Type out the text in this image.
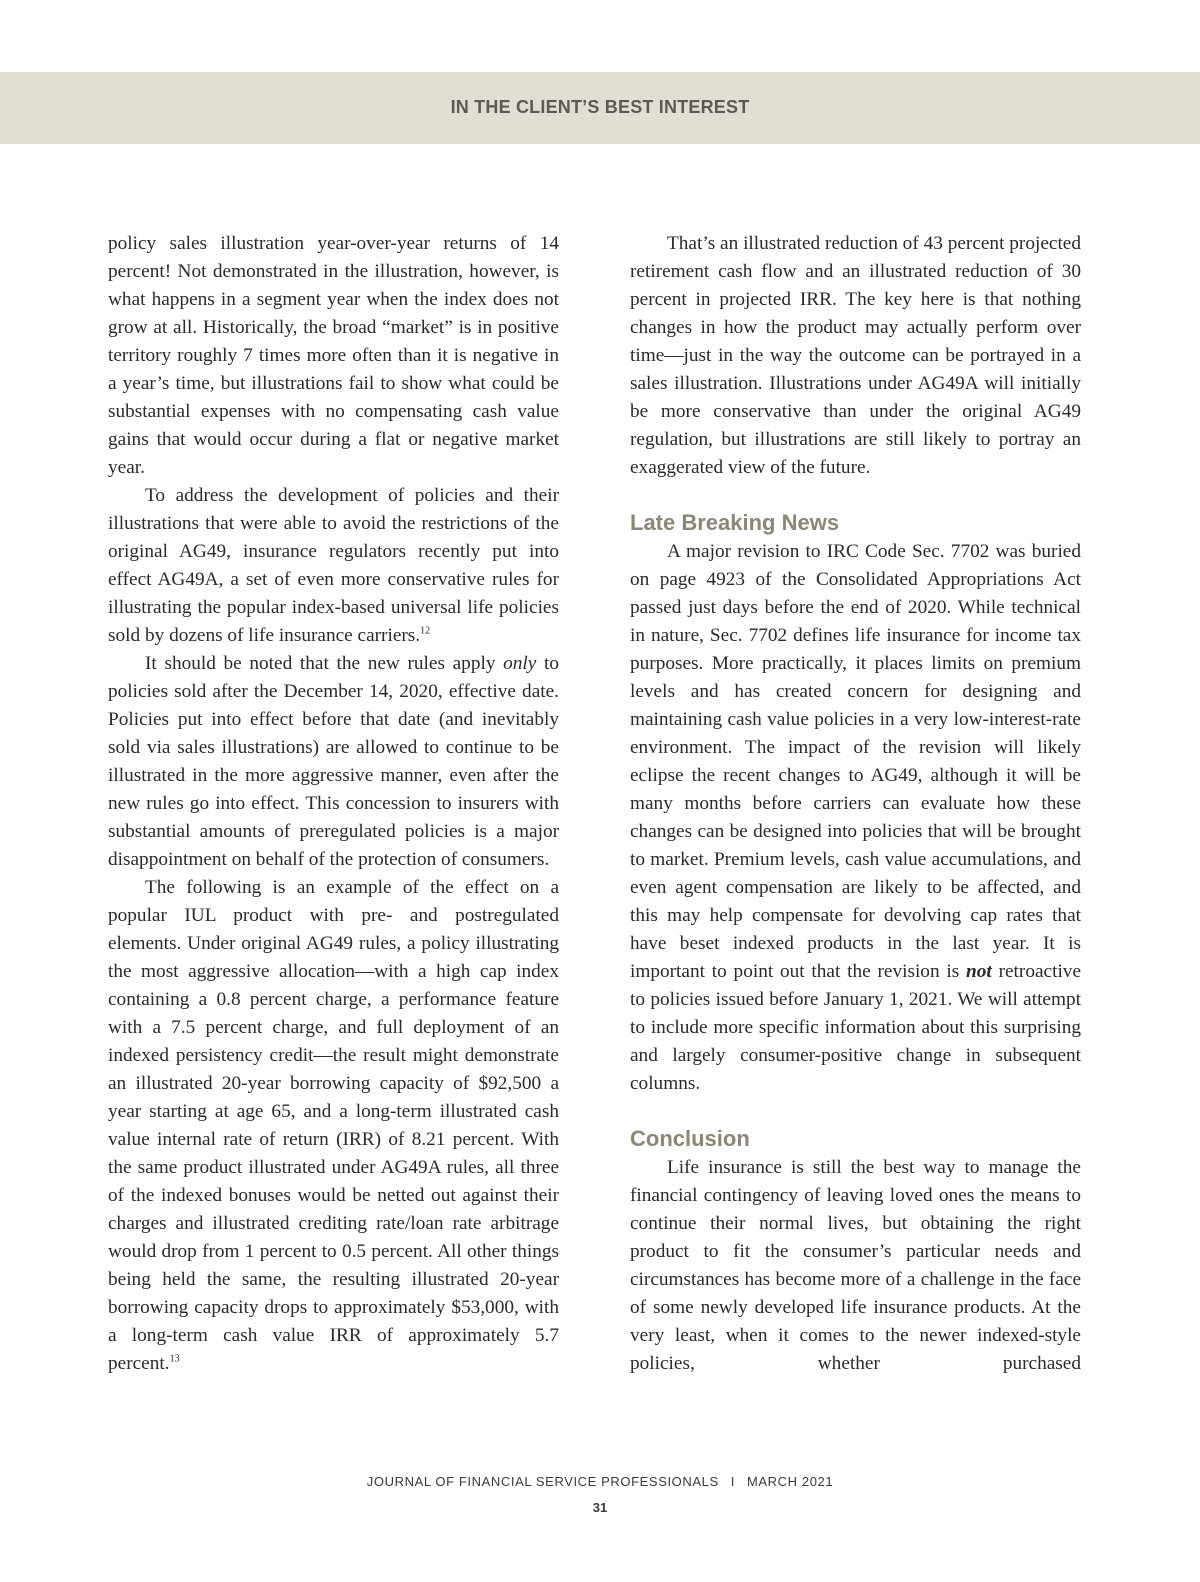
IN THE CLIENT’S BEST INTEREST

policy sales illustration year-over-year returns of 14 percent! Not demonstrated in the illustration, however, is what happens in a segment year when the index does not grow at all. Historically, the broad “market” is in positive territory roughly 7 times more often than it is negative in a year’s time, but illustrations fail to show what could be substantial expenses with no compensating cash value gains that would occur during a flat or negative market year.

To address the development of policies and their illustrations that were able to avoid the restrictions of the original AG49, insurance regulators recently put into effect AG49A, a set of even more conservative rules for illustrating the popular index-based universal life policies sold by dozens of life insurance carriers.$^{12}$

It should be noted that the new rules apply only to policies sold after the December 14, 2020, effective date. Policies put into effect before that date (and inevitably sold via sales illustrations) are allowed to continue to be illustrated in the more aggressive manner, even after the new rules go into effect. This concession to insurers with substantial amounts of preregulated policies is a major disappointment on behalf of the protection of consumers.

The following is an example of the effect on a popular IUL product with pre- and postregulated elements. Under original AG49 rules, a policy illustrating the most aggressive allocation—with a high cap index containing a 0.8 percent charge, a performance feature with a 7.5 percent charge, and full deployment of an indexed persistency credit—the result might demonstrate an illustrated 20-year borrowing capacity of $92,500 a year starting at age 65, and a long-term illustrated cash value internal rate of return (IRR) of 8.21 percent. With the same product illustrated under AG49A rules, all three of the indexed bonuses would be netted out against their charges and illustrated crediting rate/loan rate arbitrage would drop from 1 percent to 0.5 percent. All other things being held the same, the resulting illustrated 20-year borrowing capacity drops to approximately $53,000, with a long-term cash value IRR of approximately 5.7 percent.$^{13}$

That’s an illustrated reduction of 43 percent projected retirement cash flow and an illustrated reduction of 30 percent in projected IRR. The key here is that nothing changes in how the product may actually perform over time—just in the way the outcome can be portrayed in a sales illustration. Illustrations under AG49A will initially be more conservative than under the original AG49 regulation, but illustrations are still likely to portray an exaggerated view of the future.

Late Breaking News

A major revision to IRC Code Sec. 7702 was buried on page 4923 of the Consolidated Appropriations Act passed just days before the end of 2020. While technical in nature, Sec. 7702 defines life insurance for income tax purposes. More practically, it places limits on premium levels and has created concern for designing and maintaining cash value policies in a very low-interest-rate environment. The impact of the revision will likely eclipse the recent changes to AG49, although it will be many months before carriers can evaluate how these changes can be designed into policies that will be brought to market. Premium levels, cash value accumulations, and even agent compensation are likely to be affected, and this may help compensate for devolving cap rates that have beset indexed products in the last year. It is important to point out that the revision is not retroactive to policies issued before January 1, 2021. We will attempt to include more specific information about this surprising and largely consumer-positive change in subsequent columns.

Conclusion

Life insurance is still the best way to manage the financial contingency of leaving loved ones the means to continue their normal lives, but obtaining the right product to fit the consumer’s particular needs and circumstances has become more of a challenge in the face of some newly developed life insurance products. At the very least, when it comes to the newer indexed-style policies, whether purchased

JOURNAL OF FINANCIAL SERVICE PROFESSIONALS I MARCH 2021
31
